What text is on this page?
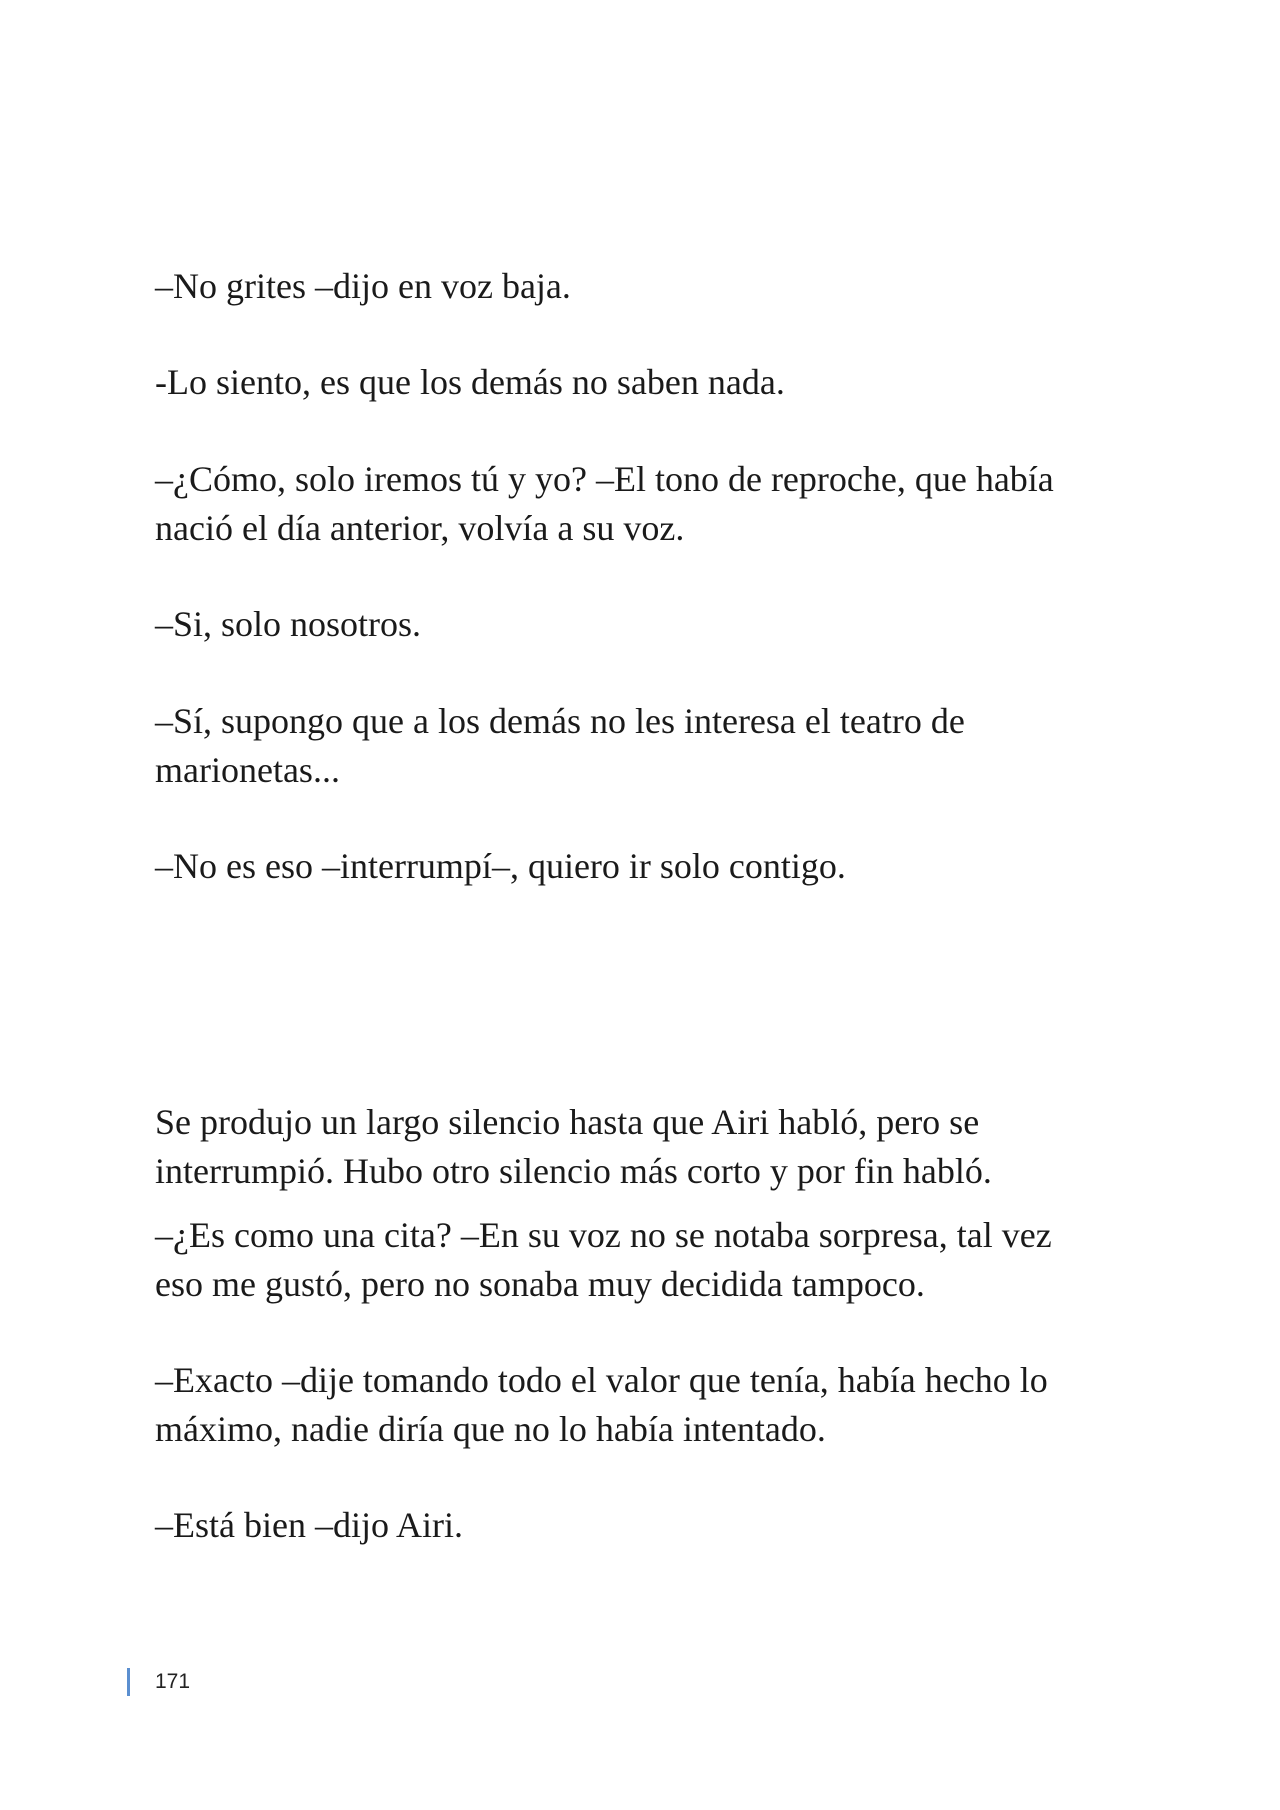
–No grites –dijo en voz baja.
-Lo siento, es que los demás no saben nada.
–¿Cómo, solo iremos tú y yo? –El tono de reproche, que había
nació el día anterior, volvía a su voz.
–Si, solo nosotros.
–Sí, supongo que a los demás no les interesa el teatro de
marionetas...
–No es eso –interrumpí–, quiero ir solo contigo.
Se produjo un largo silencio hasta que Airi habló, pero se
interrumpió. Hubo otro silencio más corto y por fin habló.
–¿Es como una cita? –En su voz no se notaba sorpresa, tal vez
eso me gustó, pero no sonaba muy decidida tampoco.
–Exacto –dije tomando todo el valor que tenía, había hecho lo
máximo, nadie diría que no lo había intentado.
–Está bien –dijo Airi.
171
